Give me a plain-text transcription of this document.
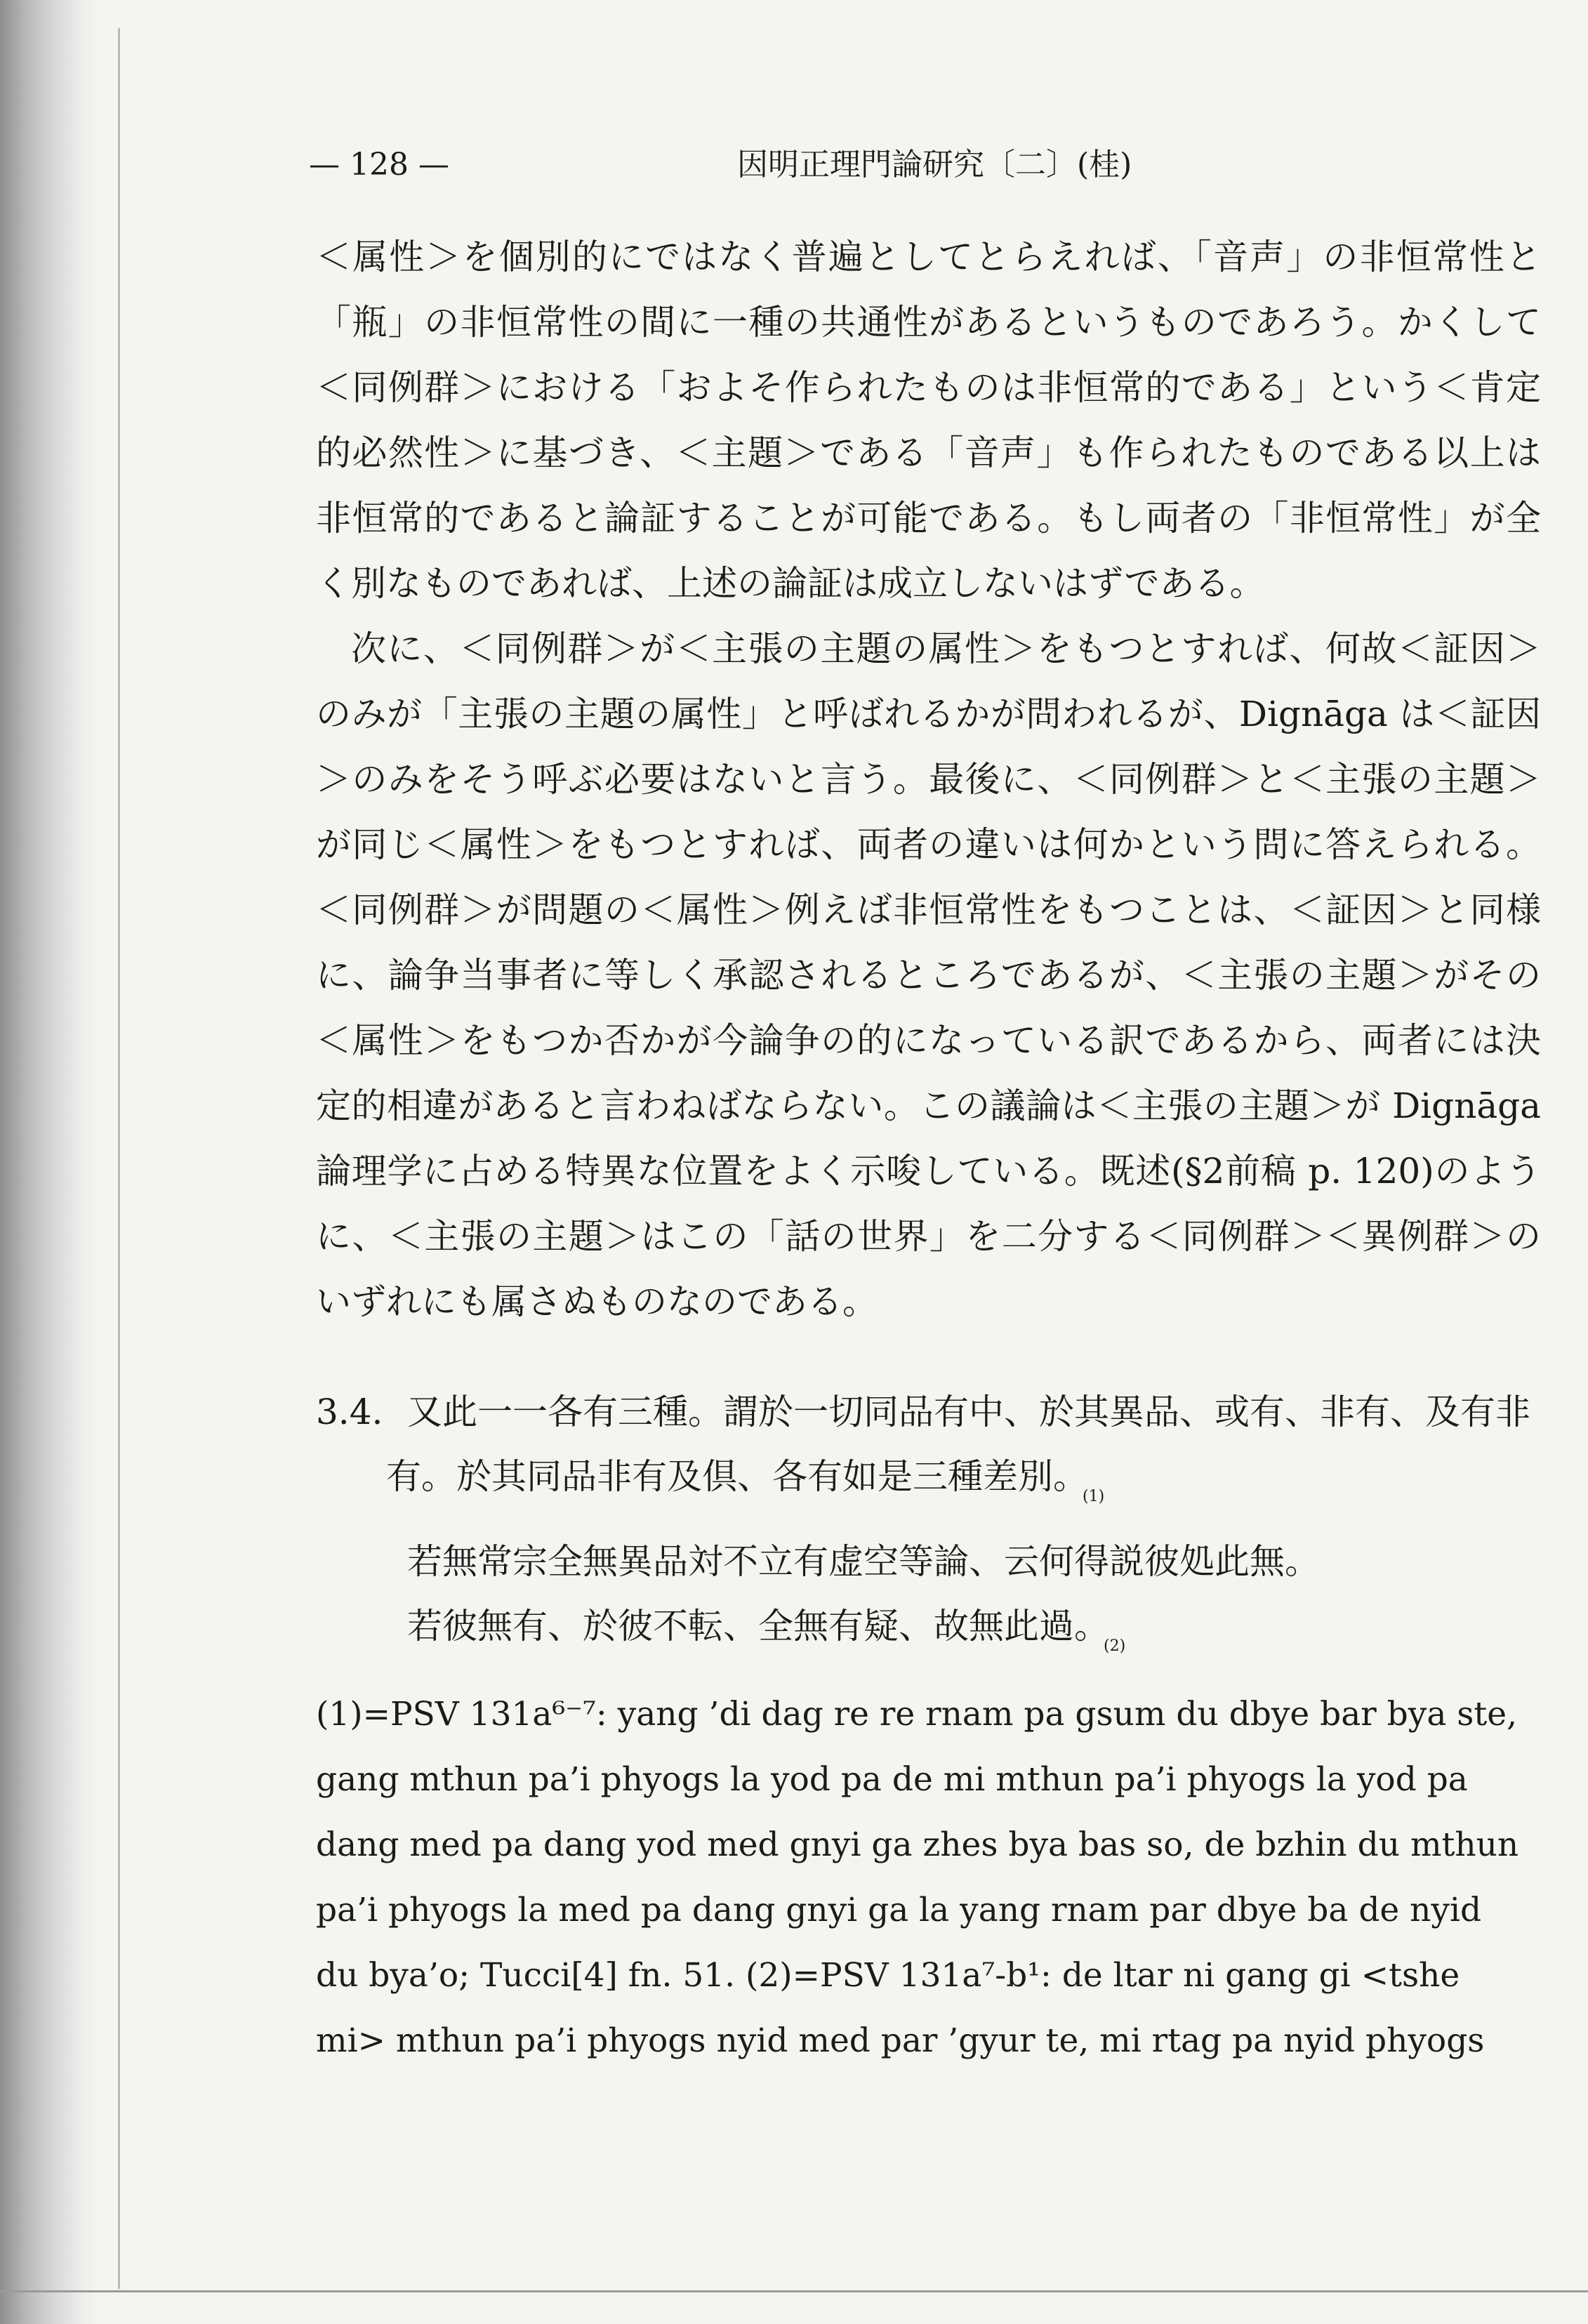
— 128 —	因明正理門論研究〔二〕(桂)

＜属性＞を個別的にではなく普遍としてとらえれば、「音声」の非恒常性と「瓶」の非恒常性の間に一種の共通性があるというものであろう。かくして＜同例群＞における「およそ作られたものは非恒常的である」という＜肯定的必然性＞に基づき、＜主題＞である「音声」も作られたものである以上は非恒常的であると論証することが可能である。もし両者の「非恒常性」が全く別なものであれば、上述の論証は成立しないはずである。

次に、＜同例群＞が＜主張の主題の属性＞をもつとすれば、何故＜証因＞のみが「主張の主題の属性」と呼ばれるかが問われるが、Dignāga は＜証因＞のみをそう呼ぶ必要はないと言う。最後に、＜同例群＞と＜主張の主題＞が同じ＜属性＞をもつとすれば、両者の違いは何かという問に答えられる。＜同例群＞が問題の＜属性＞例えば非恒常性をもつことは、＜証因＞と同様に、論争当事者に等しく承認されるところであるが、＜主張の主題＞がその＜属性＞をもつか否かが今論争の的になっている訳であるから、両者には決定的相違があると言わねばならない。この議論は＜主張の主題＞が Dignāga 論理学に占める特異な位置をよく示唆している。既述(§2前稿 p. 120)のように、＜主張の主題＞はこの「話の世界」を二分する＜同例群＞＜異例群＞のいずれにも属さぬものなのである。

3.4. 又此一一各有三種。謂於一切同品有中、於其異品、或有、非有、及有非

有。於其同品非有及倶、各有如是三種差別。$_{(1)}$

若無常宗全無異品対不立有虚空等論、云何得説彼処此無。

若彼無有、於彼不転、全無有疑、故無此過。$_{(2)}$

(1)=PSV 131a⁶⁻⁷: yang ’di dag re re rnam pa gsum du dbye bar bya ste,

gang mthun pa’i phyogs la yod pa de mi mthun pa’i phyogs la yod pa

dang med pa dang yod med gnyi ga zhes bya bas so, de bzhin du mthun

pa’i phyogs la med pa dang gnyi ga la yang rnam par dbye ba de nyid

du bya’o; Tucci[4] fn. 51. (2)=PSV 131a⁷-b¹: de ltar ni gang gi <tshe

mi> mthun pa’i phyogs nyid med par ’gyur te, mi rtag pa nyid phyogs
